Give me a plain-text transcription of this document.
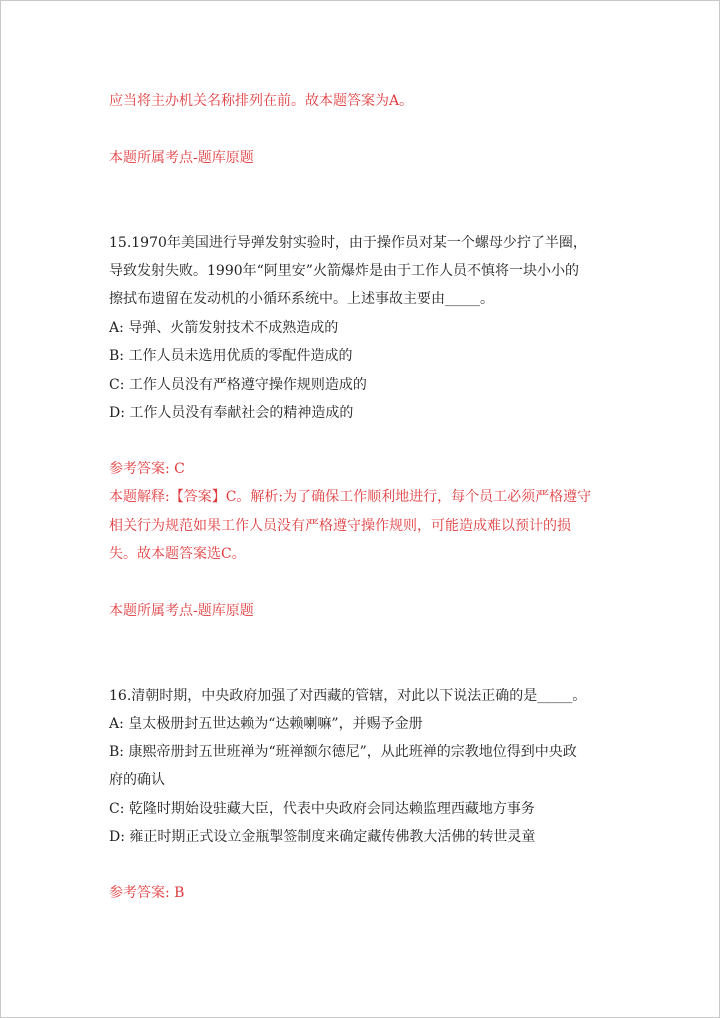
应当将主办机关名称排列在前。故本题答案为A。
本题所属考点-题库原题
15.1970年美国进行导弹发射实验时，由于操作员对某一个螺母少拧了半圈，
导致发射失败。1990年“阿里安”火箭爆炸是由于工作人员不慎将一块小小的
擦拭布遗留在发动机的小循环系统中。上述事故主要由_____。
A: 导弹、火箭发射技术不成熟造成的
B: 工作人员未选用优质的零配件造成的
C: 工作人员没有严格遵守操作规则造成的
D: 工作人员没有奉献社会的精神造成的
参考答案: C
本题解释:【答案】C。解析:为了确保工作顺利地进行，每个员工必须严格遵守
相关行为规范如果工作人员没有严格遵守操作规则，可能造成难以预计的损
失。故本题答案选C。
本题所属考点-题库原题
16.清朝时期，中央政府加强了对西藏的管辖，对此以下说法正确的是_____。
A: 皇太极册封五世达赖为“达赖喇嘛”，并赐予金册
B: 康熙帝册封五世班禅为“班禅额尔德尼”，从此班禅的宗教地位得到中央政
府的确认
C: 乾隆时期始设驻藏大臣，代表中央政府会同达赖监理西藏地方事务
D: 雍正时期正式设立金瓶掣签制度来确定藏传佛教大活佛的转世灵童
参考答案: B
